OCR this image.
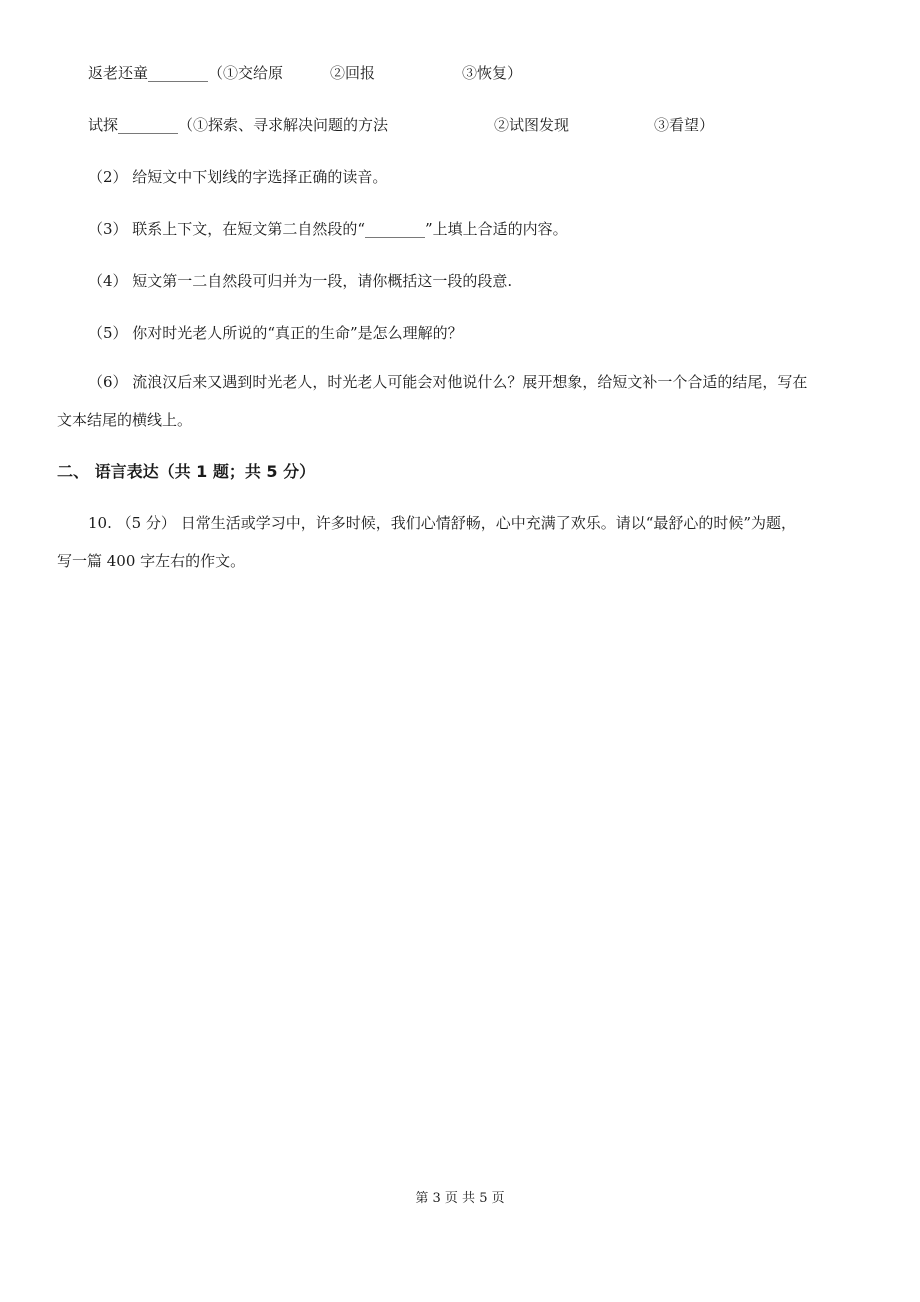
返老还童________（①交给原	②回报	③恢复）
试探________（①探索、寻求解决问题的方法	②试图发现	③看望）
（2） 给短文中下划线的字选择正确的读音。
（3） 联系上下文，在短文第二自然段的“________”上填上合适的内容。
（4） 短文第一二自然段可归并为一段，请你概括这一段的段意.
（5） 你对时光老人所说的“真正的生命”是怎么理解的？
（6） 流浪汉后来又遇到时光老人，时光老人可能会对他说什么？展开想象，给短文补一个合适的结尾，写在
文本结尾的横线上。
二、 语言表达（共 1 题；共 5 分）
10. （5 分） 日常生活或学习中，许多时候，我们心情舒畅，心中充满了欢乐。请以“最舒心的时候”为题，
写一篇 400 字左右的作文。
第 3 页 共 5 页
